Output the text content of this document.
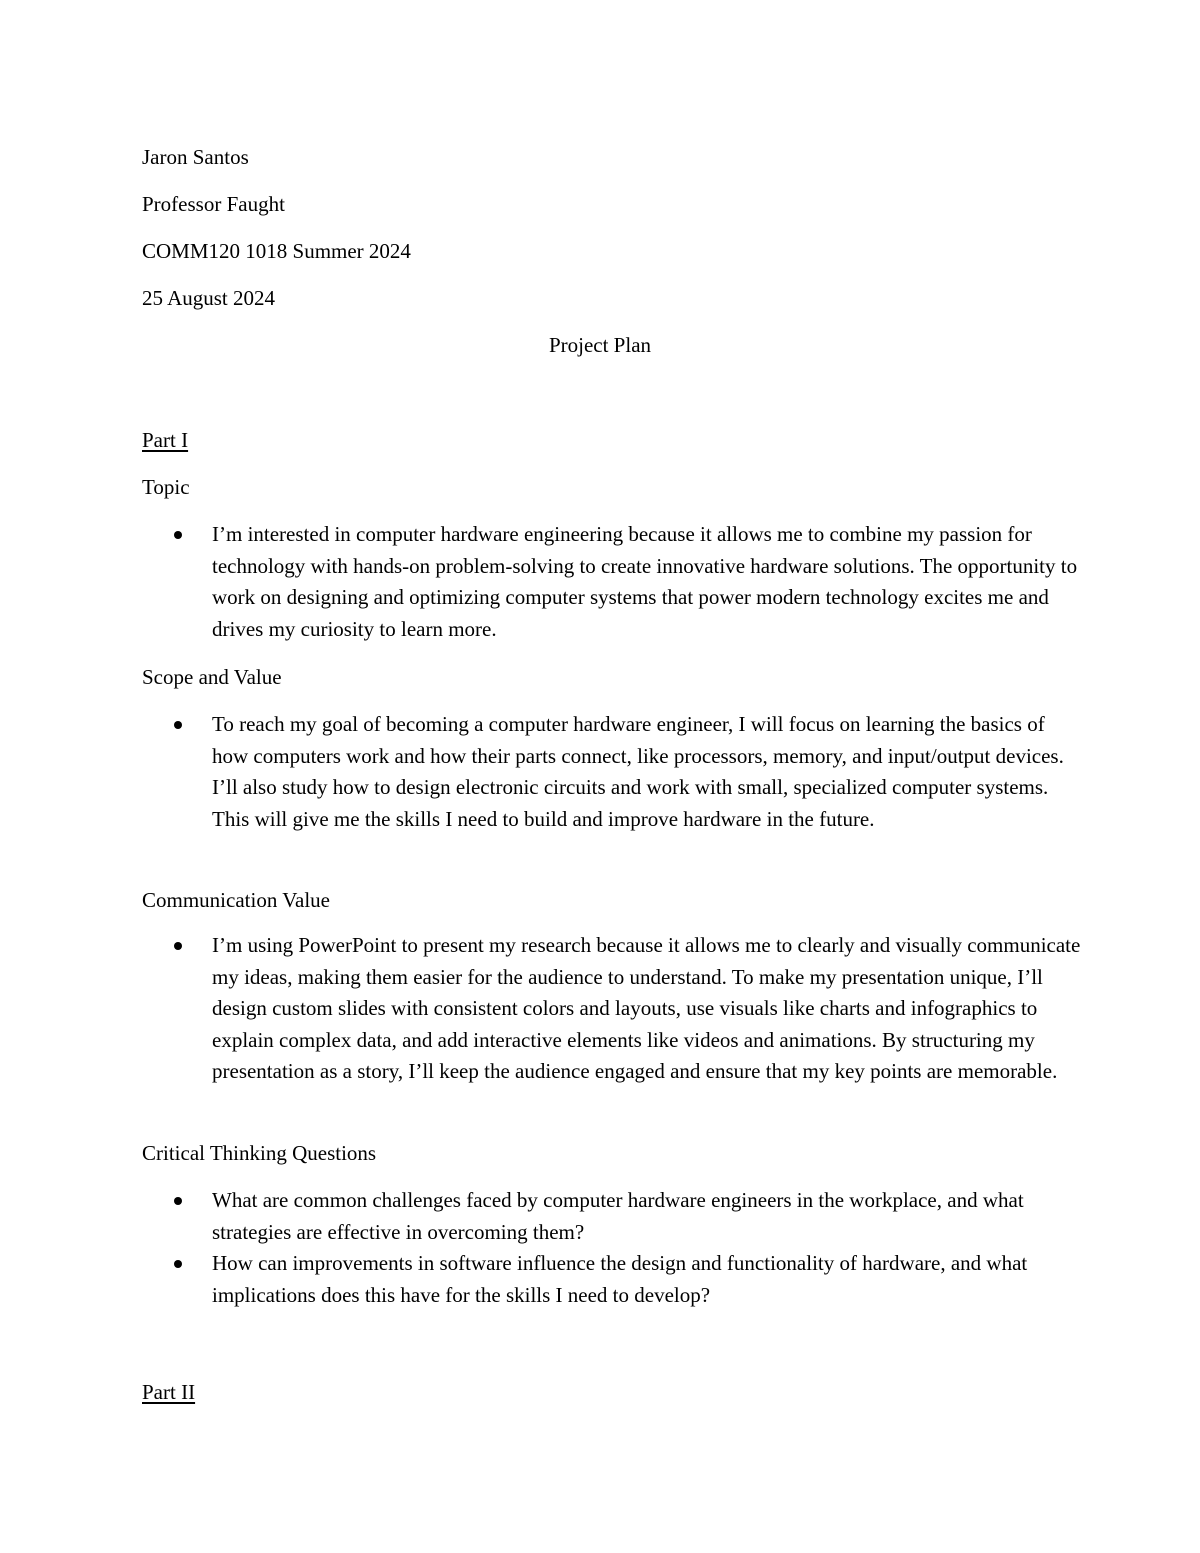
Jaron Santos
Professor Faught
COMM120 1018 Summer 2024
25 August 2024
Project Plan
Part I
Topic
I’m interested in computer hardware engineering because it allows me to combine my passion for technology with hands-on problem-solving to create innovative hardware solutions. The opportunity to work on designing and optimizing computer systems that power modern technology excites me and drives my curiosity to learn more.
Scope and Value
To reach my goal of becoming a computer hardware engineer, I will focus on learning the basics of how computers work and how their parts connect, like processors, memory, and input/output devices. I’ll also study how to design electronic circuits and work with small, specialized computer systems. This will give me the skills I need to build and improve hardware in the future.
Communication Value
I’m using PowerPoint to present my research because it allows me to clearly and visually communicate my ideas, making them easier for the audience to understand. To make my presentation unique, I’ll design custom slides with consistent colors and layouts, use visuals like charts and infographics to explain complex data, and add interactive elements like videos and animations. By structuring my presentation as a story, I’ll keep the audience engaged and ensure that my key points are memorable.
Critical Thinking Questions
What are common challenges faced by computer hardware engineers in the workplace, and what strategies are effective in overcoming them?
How can improvements in software influence the design and functionality of hardware, and what implications does this have for the skills I need to develop?
Part II
